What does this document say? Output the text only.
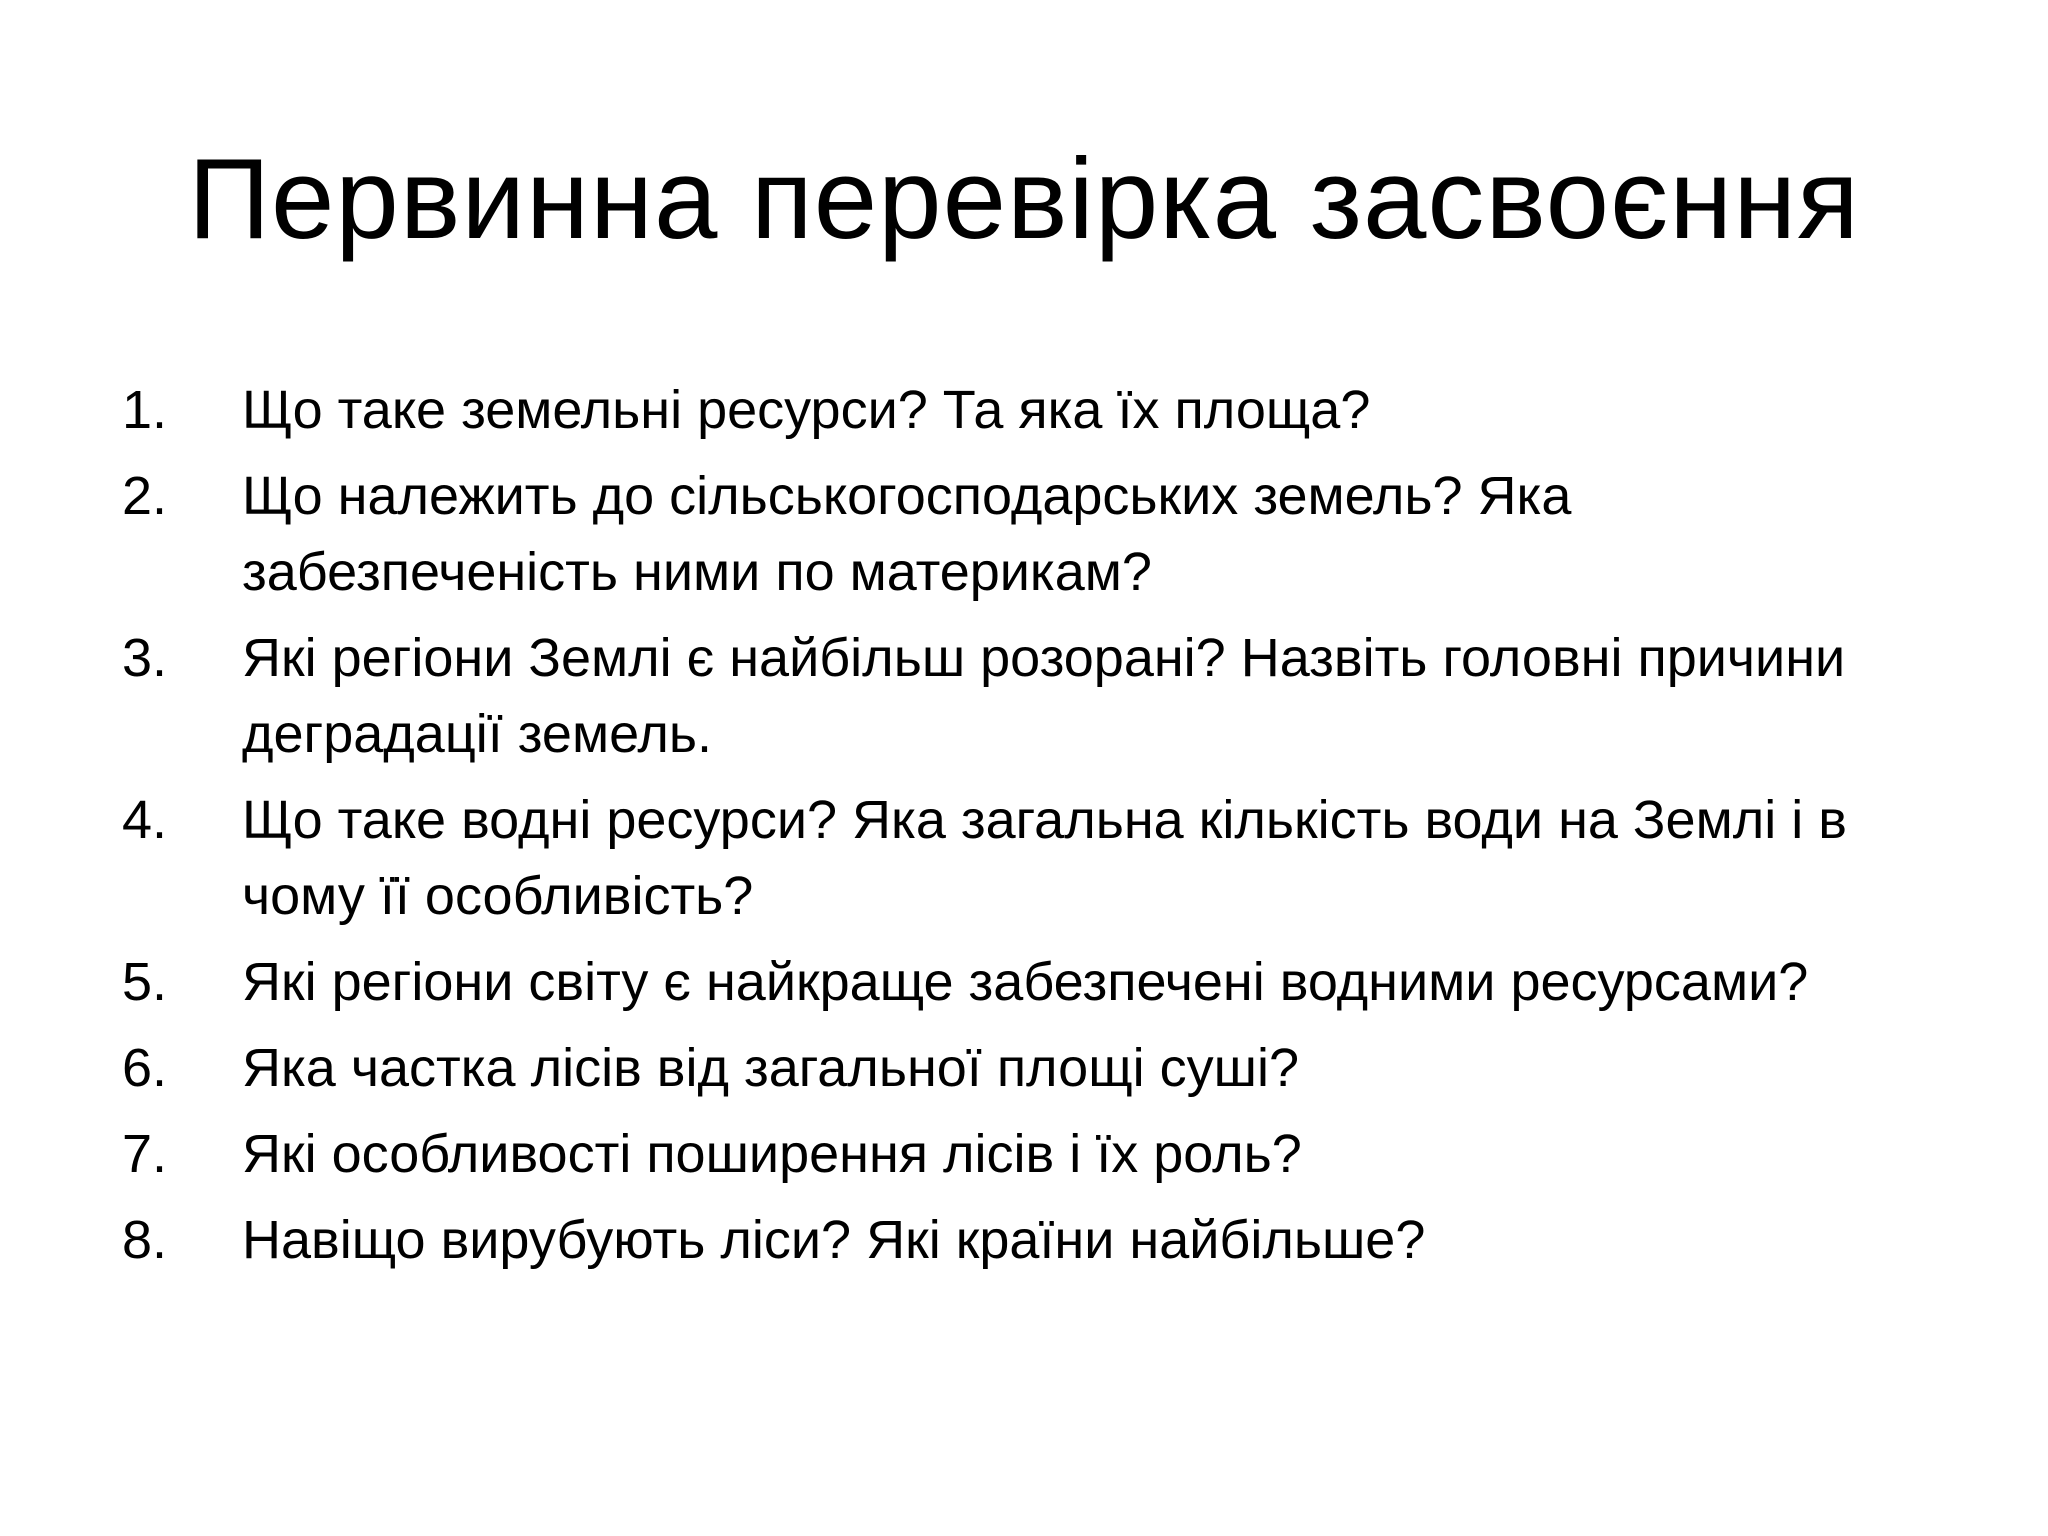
Первинна перевірка засвоєння
1.	Що таке земельні ресурси? Та яка їх площа?
2.	Що належить до сільськогосподарських земель? Яка забезпеченість ними по материкам?
3.	Які регіони Землі є найбільш розорані? Назвіть головні причини деградації земель.
4.	Що таке водні ресурси? Яка загальна кількість води на Землі і в чому її особливість?
5.	Які регіони світу є найкраще забезпечені водними ресурсами?
6.	Яка частка лісів від загальної площі суші?
7.	Які особливості поширення лісів і їх роль?
8.	Навіщо вирубують ліси? Які країни найбільше?
